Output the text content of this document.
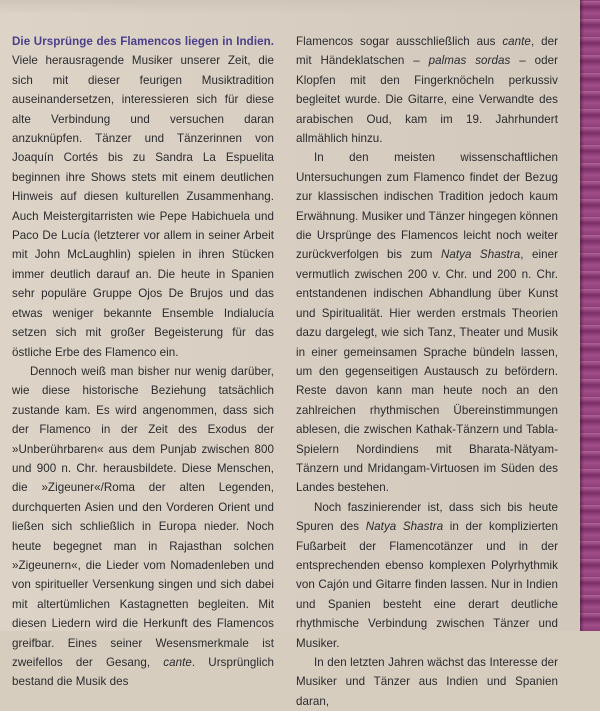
Die Ursprünge des Flamencos liegen in Indien. Viele herausragende Musiker unserer Zeit, die sich mit dieser feurigen Musiktradition auseinandersetzen, interessieren sich für diese alte Verbindung und versuchen daran anzuknüpfen. Tänzer und Tänzerinnen von Joaquín Cortés bis zu Sandra La Espuelita beginnen ihre Shows stets mit einem deutlichen Hinweis auf diesen kulturellen Zusammenhang. Auch Meistergitarristen wie Pepe Habichuela und Paco De Lucía (letzterer vor allem in seiner Arbeit mit John McLaughlin) spielen in ihren Stücken immer deutlich darauf an. Die heute in Spanien sehr populäre Gruppe Ojos De Brujos und das etwas weniger bekannte Ensemble Indialucía setzen sich mit großer Begeisterung für das östliche Erbe des Flamenco ein.

Dennoch weiß man bisher nur wenig darüber, wie diese historische Beziehung tatsächlich zustande kam. Es wird angenommen, dass sich der Flamenco in der Zeit des Exodus der »Unberührbaren« aus dem Punjab zwischen 800 und 900 n. Chr. herausbildete. Diese Menschen, die »Zigeuner«/Roma der alten Legenden, durchquerten Asien und den Vorderen Orient und ließen sich schließlich in Europa nieder. Noch heute begegnet man in Rajasthan solchen »Zigeunern«, die Lieder vom Nomadenleben und von spiritueller Versenkung singen und sich dabei mit altertümlichen Kastagnetten begleiten. Mit diesen Liedern wird die Herkunft des Flamencos greifbar. Eines seiner Wesensmerkmale ist zweifellos der Gesang, cante. Ursprünglich bestand die Musik des

Flamencos sogar ausschließlich aus cante, der mit Händeklatschen – palmas sordas – oder Klopfen mit den Fingerknöcheln perkussiv begleitet wurde. Die Gitarre, eine Verwandte des arabischen Oud, kam im 19. Jahrhundert allmählich hinzu.

In den meisten wissenschaftlichen Untersuchungen zum Flamenco findet der Bezug zur klassischen indischen Tradition jedoch kaum Erwähnung. Musiker und Tänzer hingegen können die Ursprünge des Flamencos leicht noch weiter zurückverfolgen bis zum Natya Shastra, einer vermutlich zwischen 200 v. Chr. und 200 n. Chr. entstandenen indischen Abhandlung über Kunst und Spiritualität. Hier werden erstmals Theorien dazu dargelegt, wie sich Tanz, Theater und Musik in einer gemeinsamen Sprache bündeln lassen, um den gegenseitigen Austausch zu befördern. Reste davon kann man heute noch an den zahlreichen rhythmischen Übereinstimmungen ablesen, die zwischen Kathak-Tänzern und Tabla-Spielern Nordindiens mit Bharata-Nätyam-Tänzern und Mridangam-Virtuosen im Süden des Landes bestehen.

Noch faszinierender ist, dass sich bis heute Spuren des Natya Shastra in der komplizierten Fußarbeit der Flamencotänzer und in der entsprechenden ebenso komplexen Polyrhythmik von Cajón und Gitarre finden lassen. Nur in Indien und Spanien besteht eine derart deutliche rhythmische Verbindung zwischen Tänzer und Musiker.

In den letzten Jahren wächst das Interesse der Musiker und Tänzer aus Indien und Spanien daran,
